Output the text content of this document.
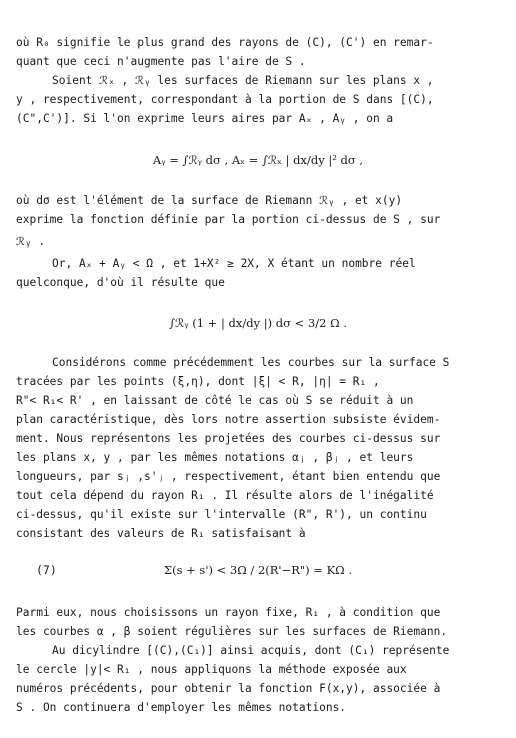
où R₀ signifie le plus grand des rayons de (C), (C') en remar-
quant que ceci n'augmente pas l'aire de S .
Soient ℛₓ , ℛᵧ les surfaces de Riemann sur les plans x ,
y , respectivement, correspondant à la portion de S dans [(C),
(C",C')]. Si l'on exprime leurs aires par Aₓ , Aᵧ , on a
Aᵧ = ∫ℛᵧ dσ , Aₓ = ∫ℛₓ | dx/dy |² dσ ,
où dσ est l'élément de la surface de Riemann ℛᵧ , et x(y)
exprime la fonction définie par la portion ci-dessus de S , sur
ℛᵧ .
Or, Aₓ + Aᵧ < Ω , et 1+X² ≥ 2X, X étant un nombre réel
quelconque, d'où il résulte que
∫ℛᵧ (1 + | dx/dy |) dσ < 3/2 Ω .
Considérons comme précédemment les courbes sur la surface S
tracées par les points (ξ,η), dont |ξ| < R, |η| = R₁ ,
R"< R₁< R' , en laissant de côté le cas où S se réduit à un
plan caractéristique, dès lors notre assertion subsiste évidem-
ment. Nous représentons les projetées des courbes ci-dessus sur
les plans x, y , par les mêmes notations αⱼ , βⱼ , et leurs
longueurs, par sⱼ ,s'ⱼ , respectivement, étant bien entendu que
tout cela dépend du rayon R₁ . Il résulte alors de l'inégalité
ci-dessus, qu'il existe sur l'intervalle (R", R'), un continu
consistant des valeurs de R₁ satisfaisant à
(7)	Σ(s + s') < 3Ω / 2(R'−R") = KΩ .
Parmi eux, nous choisissons un rayon fixe, R₁ , à condition que
les courbes α , β soient régulières sur les surfaces de Riemann.
Au dicylindre [(C),(C₁)] ainsi acquis, dont (C₁) représente
le cercle |y|< R₁ , nous appliquons la méthode exposée aux
numéros précédents, pour obtenir la fonction F(x,y), associée à
S . On continuera d'employer les mêmes notations.
